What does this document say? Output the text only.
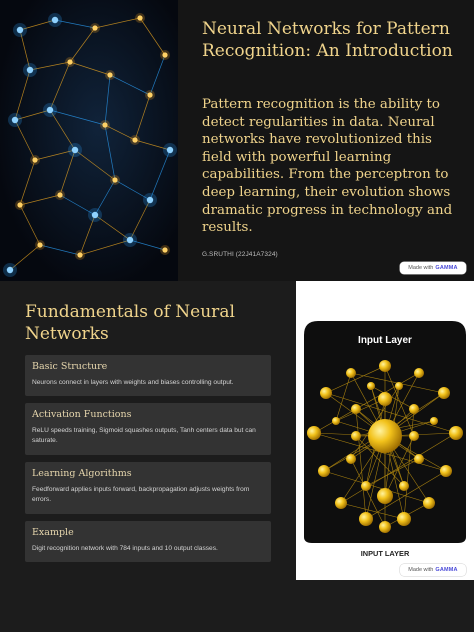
Neural Networks for Pattern Recognition: An Introduction

Pattern recognition is the ability to detect regularities in data. Neural networks have revolutionized this field with powerful learning capabilities. From the perceptron to deep learning, their evolution shows dramatic progress in technology and results.

G.SRUTHI (22J41A7324)
Made with GAMMA
Fundamentals of Neural Networks

Basic Structure

Neurons connect in layers with weights and biases controlling output.

Activation Functions

ReLU speeds training, Sigmoid squashes outputs, Tanh centers data but can saturate.

Learning Algorithms

Feedforward applies inputs forward, backpropagation adjusts weights from errors.

Example

Digit recognition network with 784 inputs and 10 output classes.

Input Layer
INPUT LAYER
Made with GAMMA
